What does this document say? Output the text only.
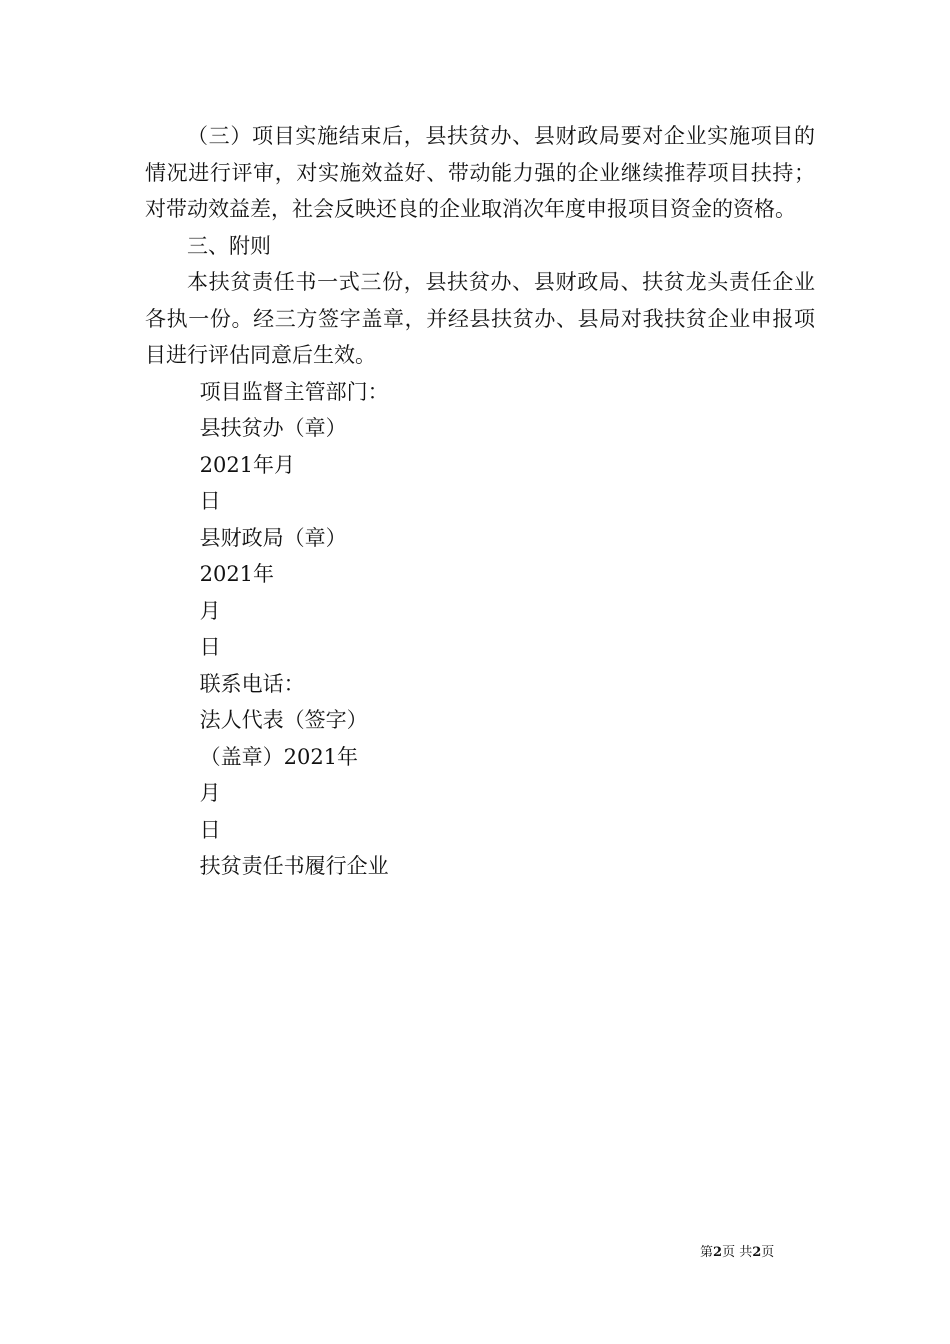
（三）项目实施结束后，县扶贫办、县财政局要对企业实施项目的情况进行评审，对实施效益好、带动能力强的企业继续推荐项目扶持；对带动效益差，社会反映还良的企业取消次年度申报项目资金的资格。

三、附则

本扶贫责任书一式三份，县扶贫办、县财政局、扶贫龙头责任企业各执一份。经三方签字盖章，并经县扶贫办、县局对我扶贫企业申报项目进行评估同意后生效。

项目监督主管部门：

县扶贫办（章）

2021年月

日

县财政局（章）

2021年

月

日

联系电话：

法人代表（签字）

（盖章）2021年

月

日

扶贫责任书履行企业

第2页 共2页
